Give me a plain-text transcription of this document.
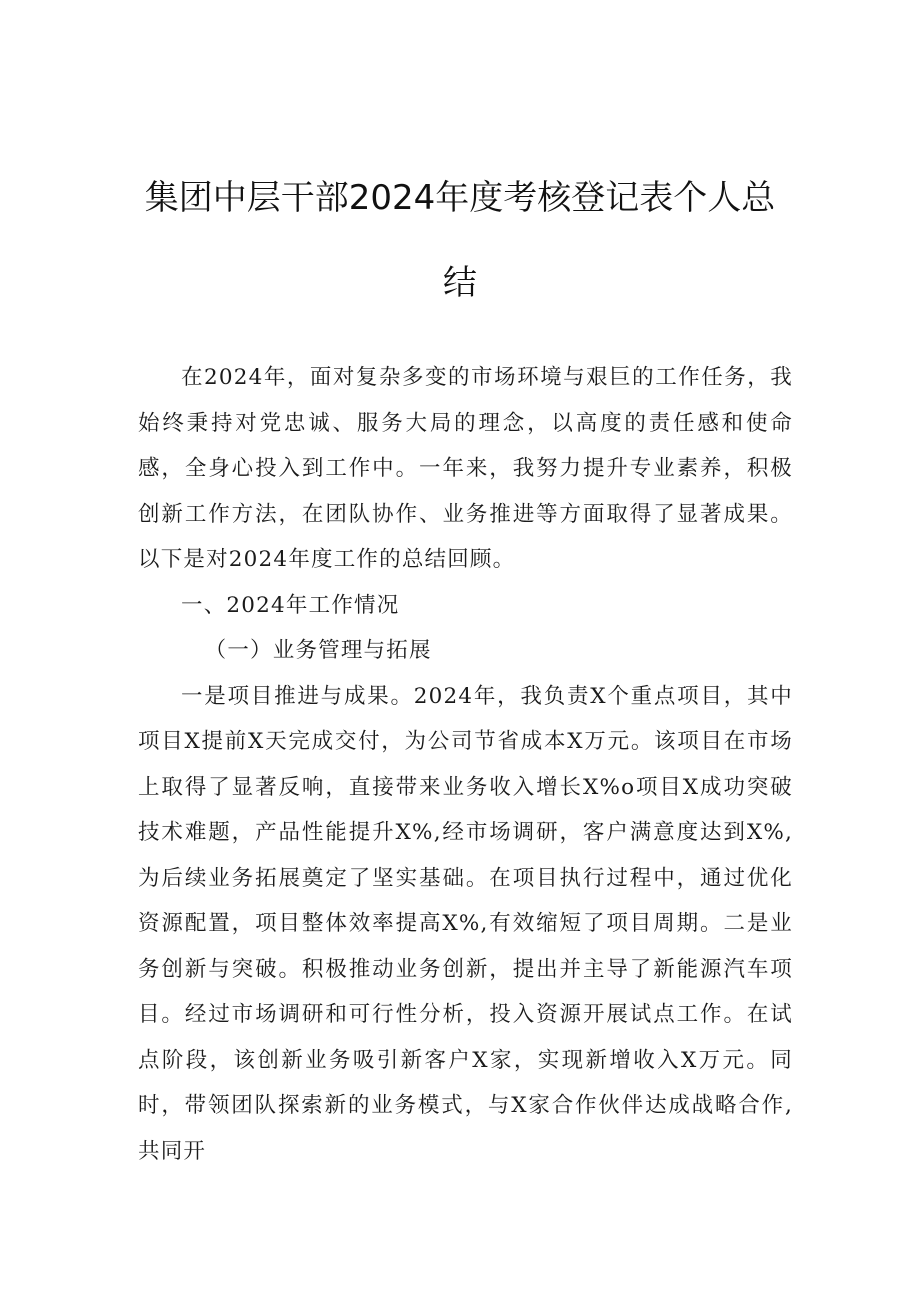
集团中层干部2024年度考核登记表个人总
结

在2024年，面对复杂多变的市场环境与艰巨的工作任务，我始终秉持对党忠诚、服务大局的理念，以高度的责任感和使命感，全身心投入到工作中。一年来，我努力提升专业素养，积极创新工作方法，在团队协作、业务推进等方面取得了显著成果。以下是对2024年度工作的总结回顾。

一、2024年工作情况
（一）业务管理与拓展

一是项目推进与成果。2024年，我负责X个重点项目，其中项目X提前X天完成交付，为公司节省成本X万元。该项目在市场上取得了显著反响，直接带来业务收入增长X%o项目X成功突破技术难题，产品性能提升X%,经市场调研，客户满意度达到X%,为后续业务拓展奠定了坚实基础。在项目执行过程中，通过优化资源配置，项目整体效率提高X%,有效缩短了项目周期。二是业务创新与突破。积极推动业务创新，提出并主导了新能源汽车项目。经过市场调研和可行性分析，投入资源开展试点工作。在试点阶段，该创新业务吸引新客户X家，实现新增收入X万元。同时，带领团队探索新的业务模式，与X家合作伙伴达成战略合作,共同开
